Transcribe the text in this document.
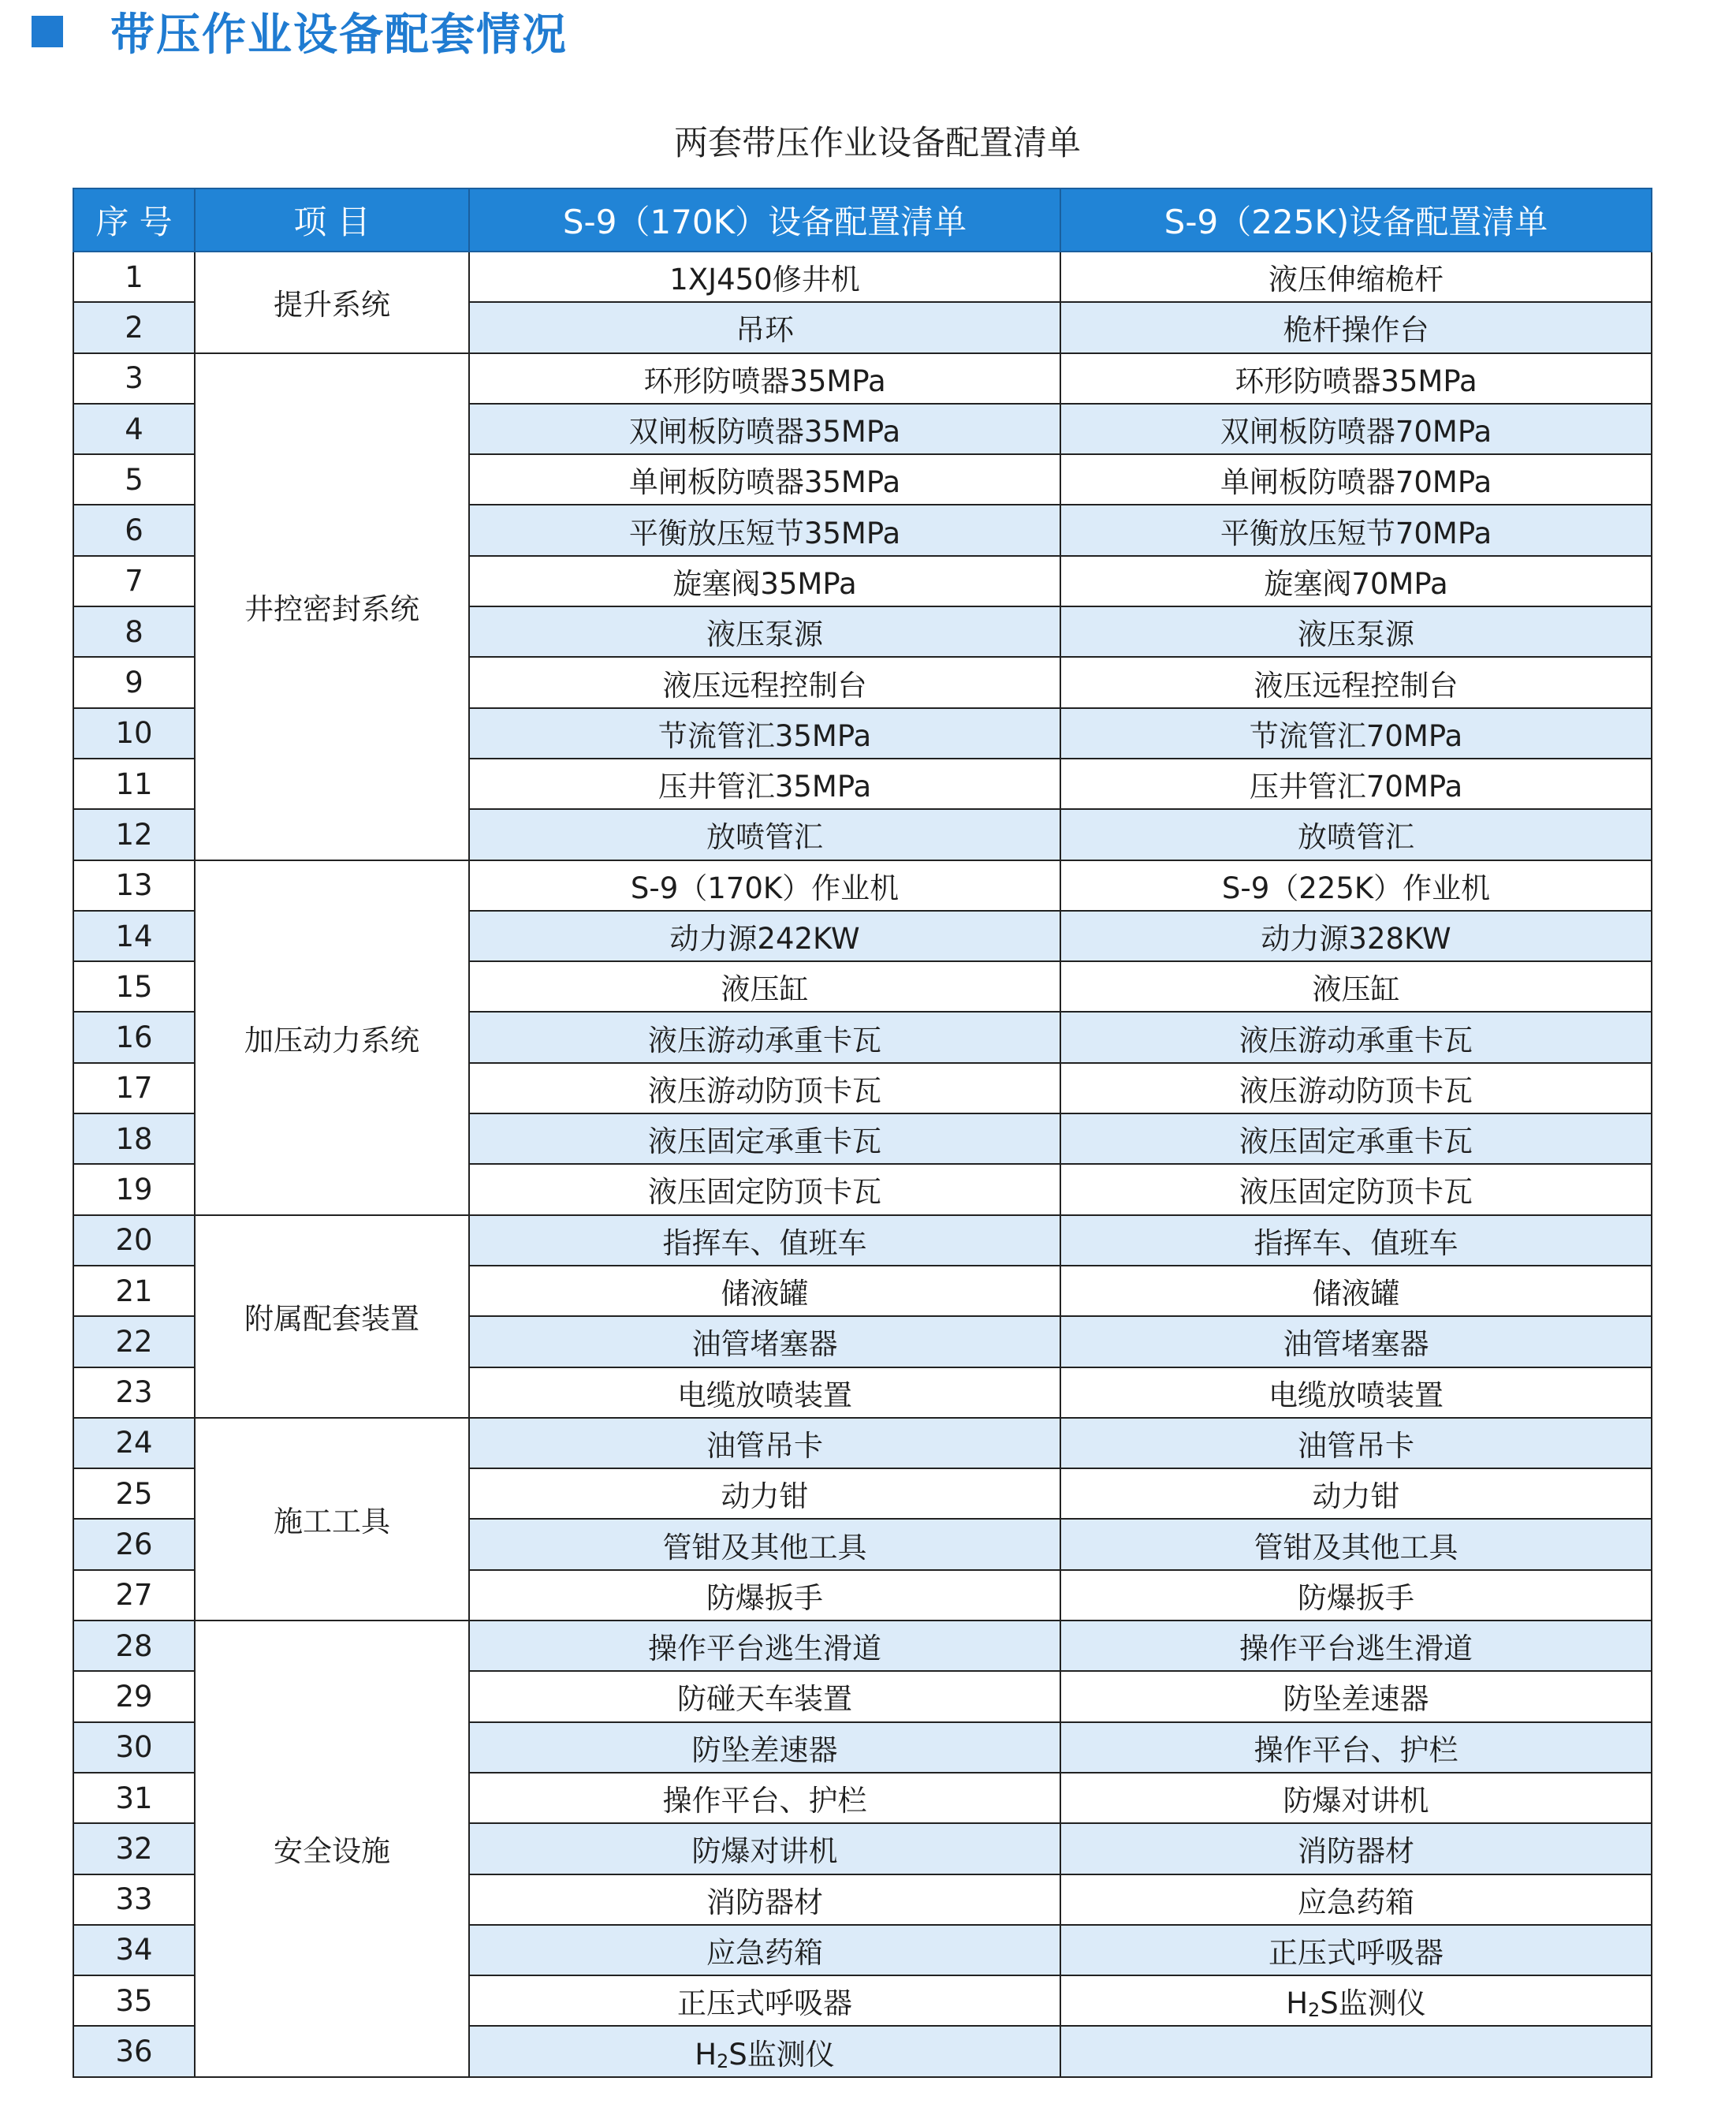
带压作业设备配套情况
两套带压作业设备配置清单
序 号	项 目	S-9（170K）设备配置清单	S-9（225K)设备配置清单
1	提升系统	1XJ450修井机	液压伸缩桅杆
2		吊环	桅杆操作台
3	井控密封系统	环形防喷器35MPa	环形防喷器35MPa
4		双闸板防喷器35MPa	双闸板防喷器70MPa
5		单闸板防喷器35MPa	单闸板防喷器70MPa
6		平衡放压短节35MPa	平衡放压短节70MPa
7		旋塞阀35MPa	旋塞阀70MPa
8		液压泵源	液压泵源
9		液压远程控制台	液压远程控制台
10		节流管汇35MPa	节流管汇70MPa
11		压井管汇35MPa	压井管汇70MPa
12		放喷管汇	放喷管汇
13	加压动力系统	S-9（170K）作业机	S-9（225K）作业机
14		动力源242KW	动力源328KW
15		液压缸	液压缸
16		液压游动承重卡瓦	液压游动承重卡瓦
17		液压游动防顶卡瓦	液压游动防顶卡瓦
18		液压固定承重卡瓦	液压固定承重卡瓦
19		液压固定防顶卡瓦	液压固定防顶卡瓦
20	附属配套装置	指挥车、值班车	指挥车、值班车
21		储液罐	储液罐
22		油管堵塞器	油管堵塞器
23		电缆放喷装置	电缆放喷装置
24	施工工具	油管吊卡	油管吊卡
25		动力钳	动力钳
26		管钳及其他工具	管钳及其他工具
27		防爆扳手	防爆扳手
28	安全设施	操作平台逃生滑道	操作平台逃生滑道
29		防碰天车装置	防坠差速器
30		防坠差速器	操作平台、护栏
31		操作平台、护栏	防爆对讲机
32		防爆对讲机	消防器材
33		消防器材	应急药箱
34		应急药箱	正压式呼吸器
35		正压式呼吸器	$H_2S$监测仪
36		$H_2S$监测仪	
